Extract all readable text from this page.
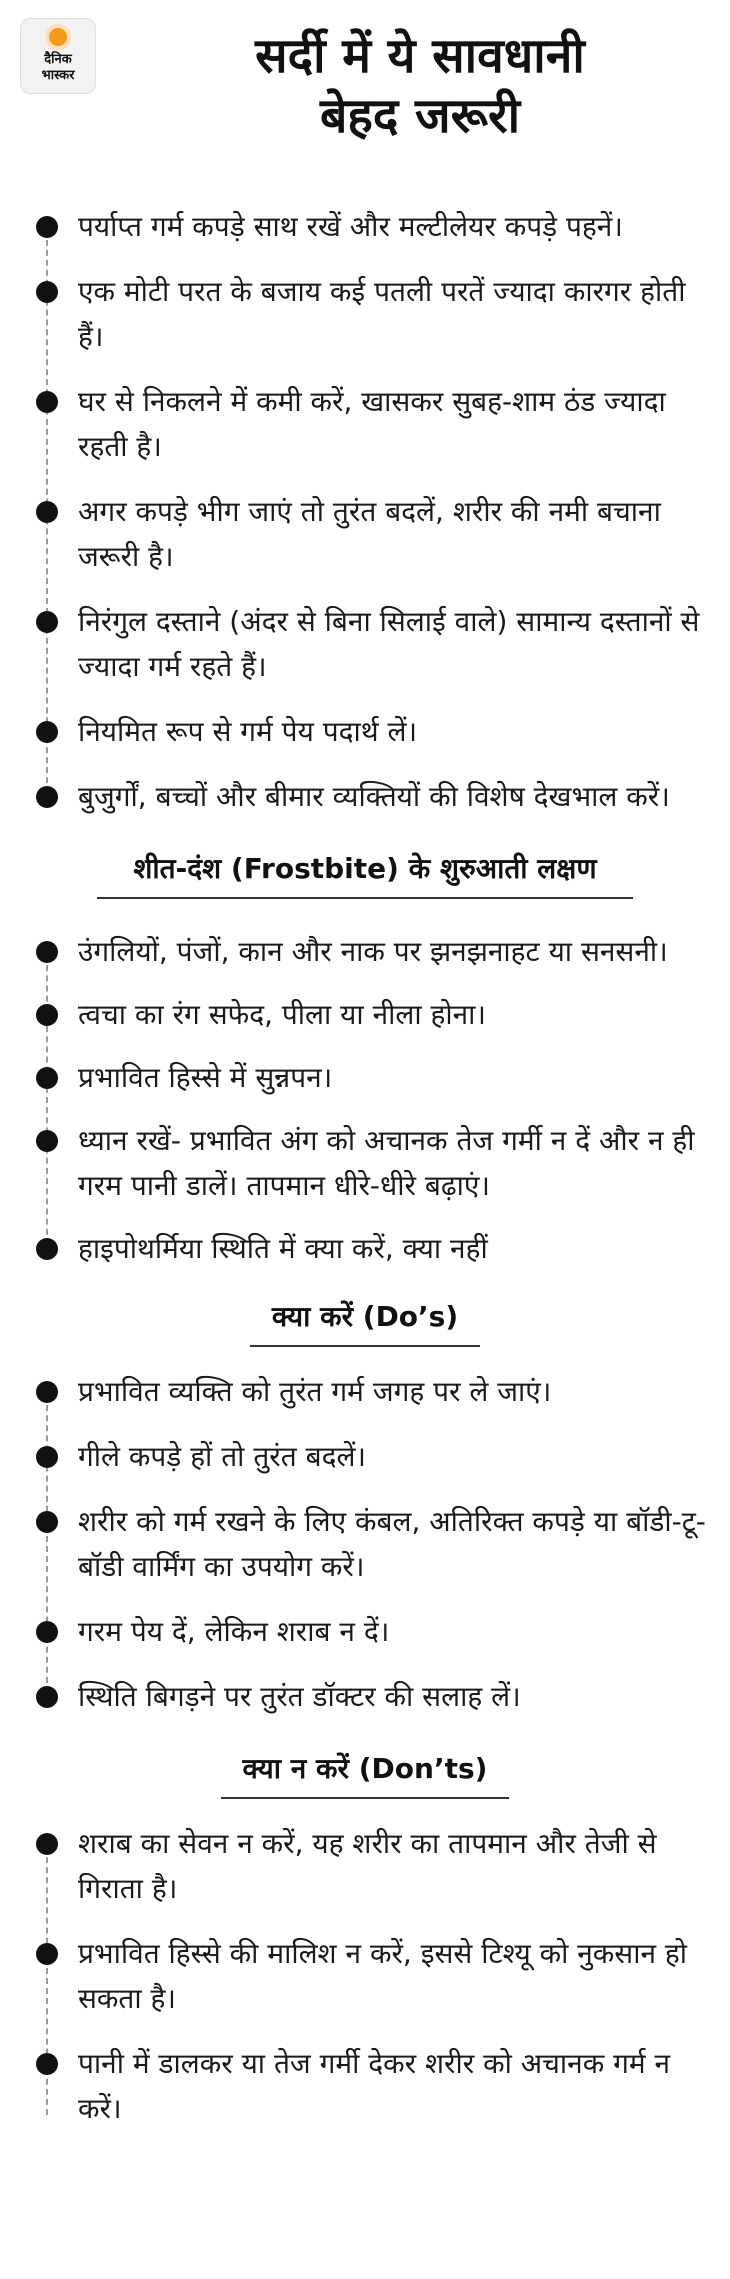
दैनिक
भास्कर	सर्दी में ये सावधानी
बेहद जरूरी
पर्याप्त गर्म कपड़े साथ रखें और मल्टीलेयर कपड़े पहनें।
एक मोटी परत के बजाय कई पतली परतें ज्यादा कारगर होती हैं।
घर से निकलने में कमी करें, खासकर सुबह-शाम ठंड ज्यादा रहती है।
अगर कपड़े भीग जाएं तो तुरंत बदलें, शरीर की नमी बचाना जरूरी है।
निरंगुल दस्ताने (अंदर से बिना सिलाई वाले) सामान्य दस्तानों से ज्यादा गर्म रहते हैं।
नियमित रूप से गर्म पेय पदार्थ लें।
बुजुर्गों, बच्चों और बीमार व्यक्तियों की विशेष देखभाल करें।
शीत-दंश (Frostbite) के शुरुआती लक्षण
उंगलियों, पंजों, कान और नाक पर झनझनाहट या सनसनी।
त्वचा का रंग सफेद, पीला या नीला होना।
प्रभावित हिस्से में सुन्नपन।
ध्यान रखें- प्रभावित अंग को अचानक तेज गर्मी न दें और न ही गरम पानी डालें। तापमान धीरे-धीरे बढ़ाएं।
हाइपोथर्मिया स्थिति में क्या करें, क्या नहीं
क्या करें (Do’s)
प्रभावित व्यक्ति को तुरंत गर्म जगह पर ले जाएं।
गीले कपड़े हों तो तुरंत बदलें।
शरीर को गर्म रखने के लिए कंबल, अतिरिक्त कपड़े या बॉडी-टू-बॉडी वार्मिंग का उपयोग करें।
गरम पेय दें, लेकिन शराब न दें।
स्थिति बिगड़ने पर तुरंत डॉक्टर की सलाह लें।
क्या न करें (Don’ts)
शराब का सेवन न करें, यह शरीर का तापमान और तेजी से गिराता है।
प्रभावित हिस्से की मालिश न करें, इससे टिश्यू को नुकसान हो सकता है।
पानी में डालकर या तेज गर्मी देकर शरीर को अचानक गर्म न करें।
